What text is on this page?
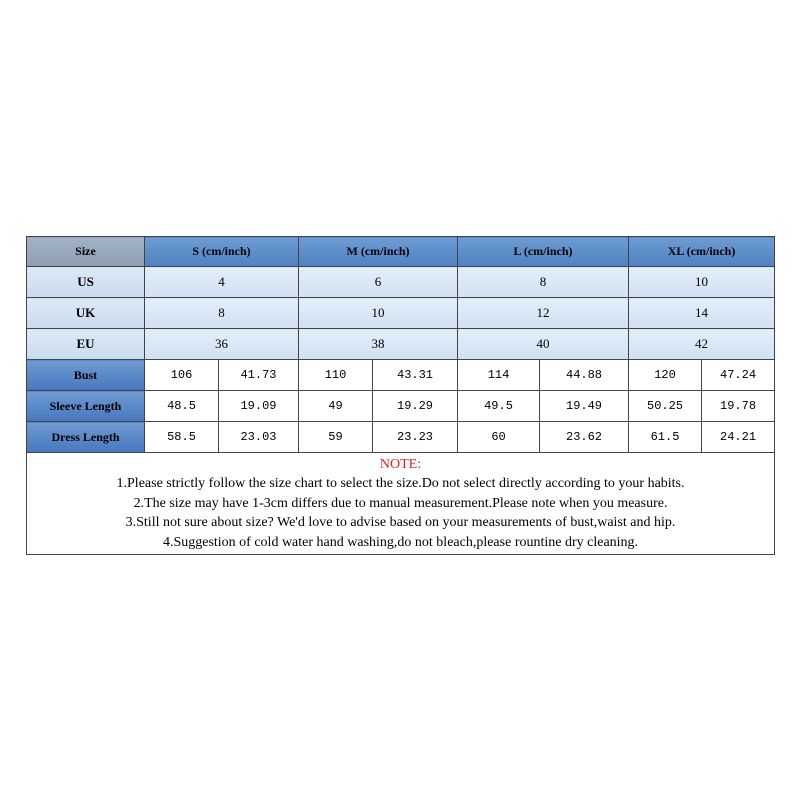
Size	S (cm/inch)		M (cm/inch)		L (cm/inch)		XL (cm/inch)	
US	4		6		8		10	
UK	8		10		12		14	
EU	36		38		40		42	
Bust	106	41.73	110	43.31	114	44.88	120	47.24
Sleeve Length	48.5	19.09	49	19.29	49.5	19.49	50.25	19.78
Dress Length	58.5	23.03	59	23.23	60	23.62	61.5	24.21

NOTE:
1.Please strictly follow the size chart to select the size.Do not select directly according to your habits.
2.The size may have 1-3cm differs due to manual measurement.Please note when you measure.
3.Still not sure about size? We'd love to advise based on your measurements of bust,waist and hip.
4.Suggestion of cold water hand washing,do not bleach,please rountine dry cleaning.								
